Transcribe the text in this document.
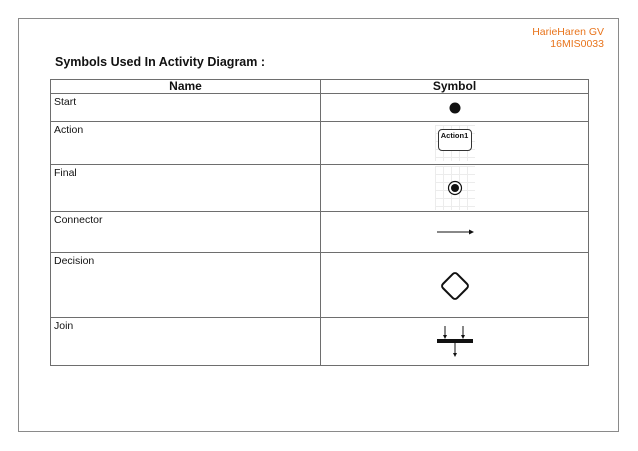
HarieHaren GV
16MIS0033
Symbols Used In Activity Diagram :
Name	Symbol
Start	

Action	Action1

Final	

Connector	

Decision	

Join	
